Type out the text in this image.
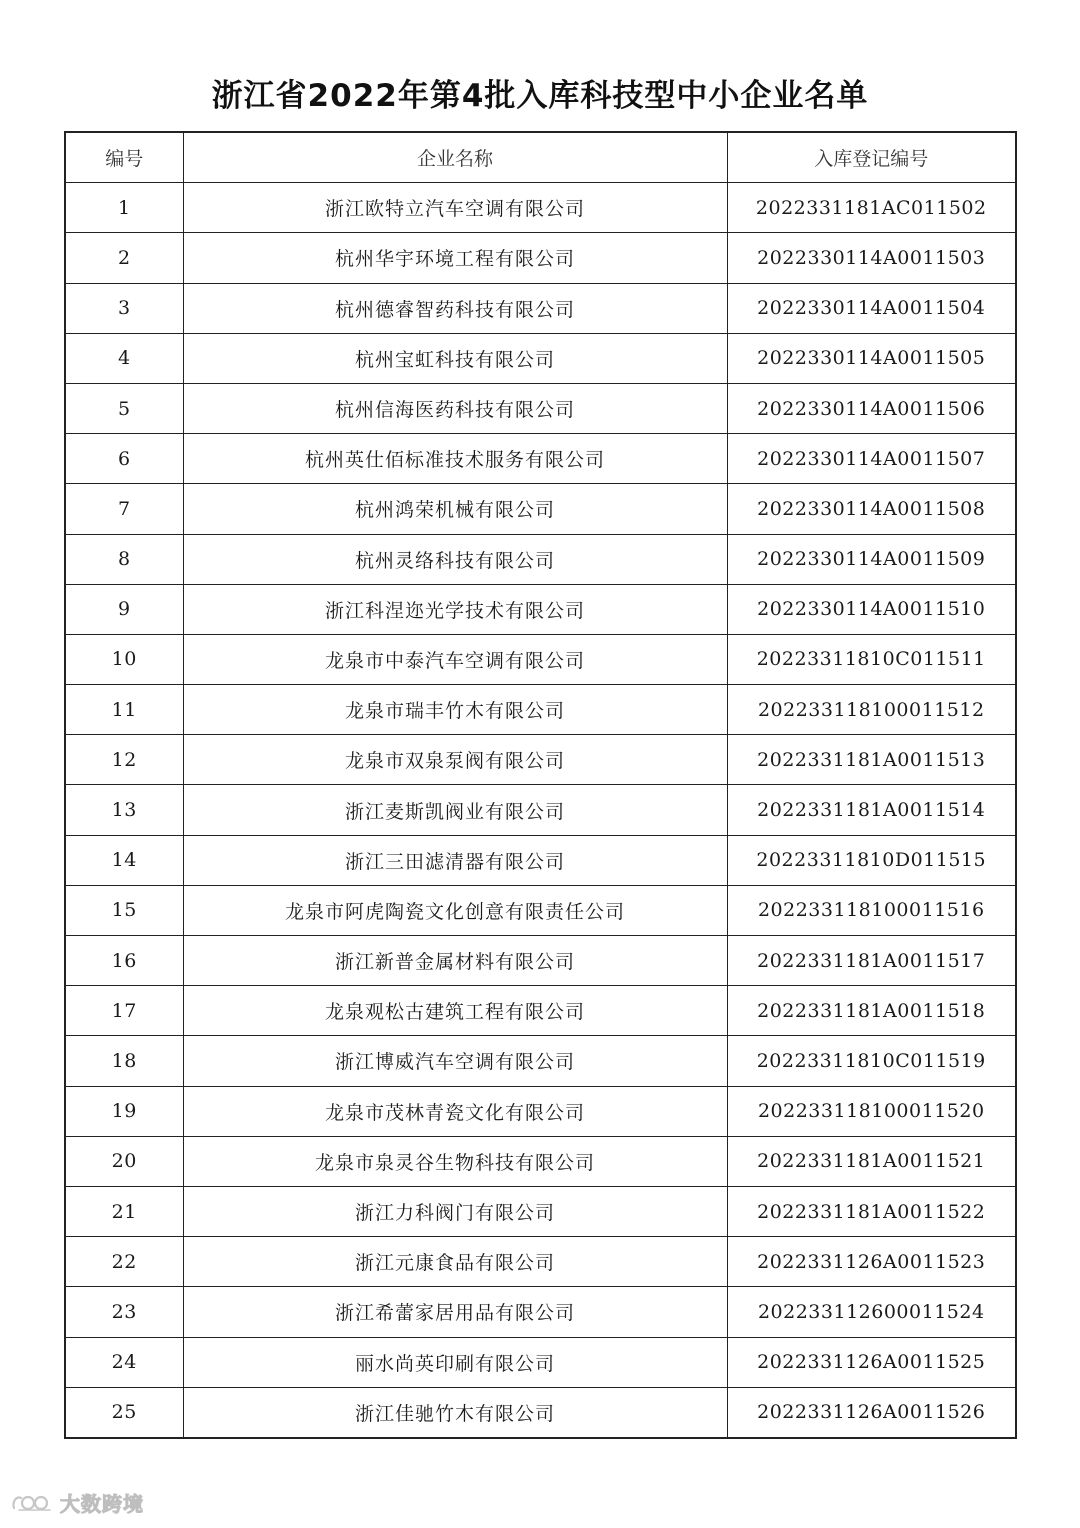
浙江省2022年第4批入库科技型中小企业名单
编号	企业名称	入库登记编号
1	浙江欧特立汽车空调有限公司	2022331181AC011502
2	杭州华宇环境工程有限公司	2022330114A0011503
3	杭州德睿智药科技有限公司	2022330114A0011504
4	杭州宝虹科技有限公司	2022330114A0011505
5	杭州信海医药科技有限公司	2022330114A0011506
6	杭州英仕佰标准技术服务有限公司	2022330114A0011507
7	杭州鸿荣机械有限公司	2022330114A0011508
8	杭州灵络科技有限公司	2022330114A0011509
9	浙江科涅迩光学技术有限公司	2022330114A0011510
10	龙泉市中泰汽车空调有限公司	20223311810C011511
11	龙泉市瑞丰竹木有限公司	202233118100011512
12	龙泉市双泉泵阀有限公司	2022331181A0011513
13	浙江麦斯凯阀业有限公司	2022331181A0011514
14	浙江三田滤清器有限公司	20223311810D011515
15	龙泉市阿虎陶瓷文化创意有限责任公司	202233118100011516
16	浙江新普金属材料有限公司	2022331181A0011517
17	龙泉观松古建筑工程有限公司	2022331181A0011518
18	浙江博威汽车空调有限公司	20223311810C011519
19	龙泉市茂林青瓷文化有限公司	202233118100011520
20	龙泉市泉灵谷生物科技有限公司	2022331181A0011521
21	浙江力科阀门有限公司	2022331181A0011522
22	浙江元康食品有限公司	2022331126A0011523
23	浙江希蕾家居用品有限公司	202233112600011524
24	丽水尚英印刷有限公司	2022331126A0011525
25	浙江佳驰竹木有限公司	2022331126A0011526
大数跨境
